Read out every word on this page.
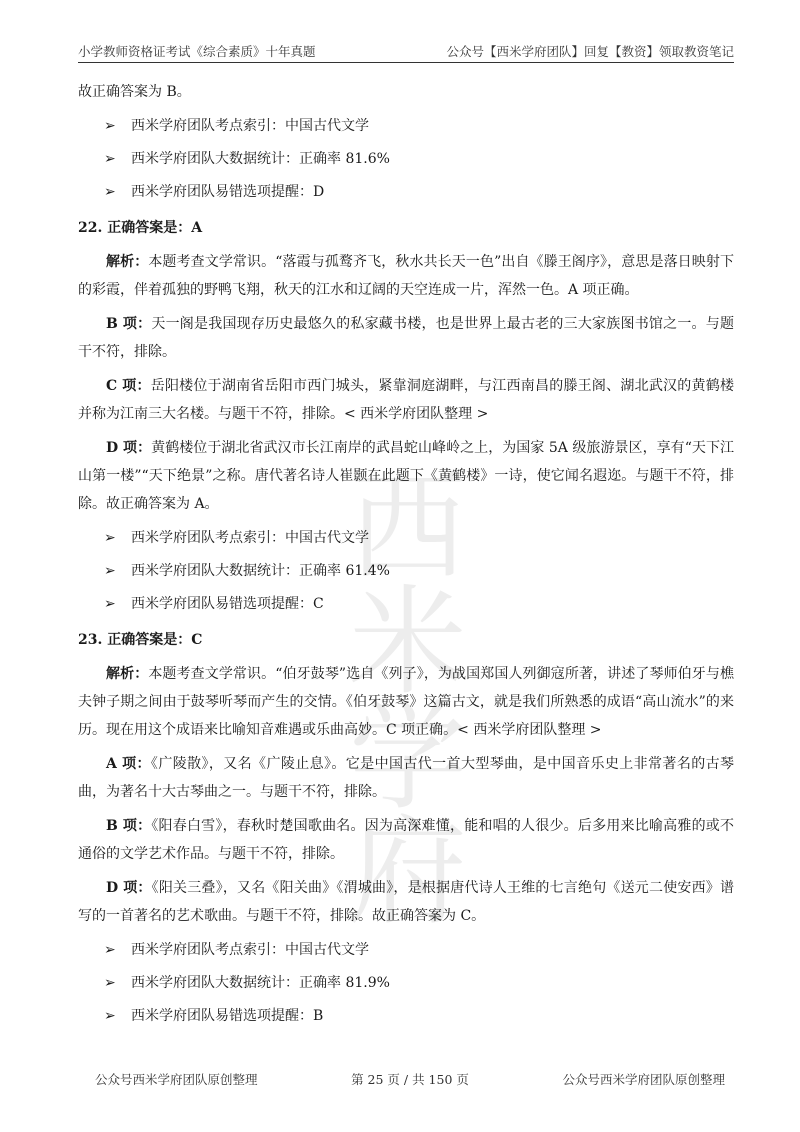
小学教师资格证考试《综合素质》十年真题	公众号【西米学府团队】回复【教资】领取教资笔记
西米
学府

故正确答案为 B。

➢ 西米学府团队考点索引：中国古代文学
➢ 西米学府团队大数据统计：正确率 81.6%
➢ 西米学府团队易错选项提醒：D
22. 正确答案是：A

解析：本题考查文学常识。“落霞与孤鹜齐飞，秋水共长天一色”出自《滕王阁序》，意思是落日映射下的彩霞，伴着孤独的野鸭飞翔，秋天的江水和辽阔的天空连成一片，浑然一色。A 项正确。

B 项：天一阁是我国现存历史最悠久的私家藏书楼，也是世界上最古老的三大家族图书馆之一。与题干不符，排除。

C 项：岳阳楼位于湖南省岳阳市西门城头，紧靠洞庭湖畔，与江西南昌的滕王阁、湖北武汉的黄鹤楼并称为江南三大名楼。与题干不符，排除。< 西米学府团队整理 >

D 项：黄鹤楼位于湖北省武汉市长江南岸的武昌蛇山峰岭之上，为国家 5A 级旅游景区，享有“天下江山第一楼”“天下绝景”之称。唐代著名诗人崔颢在此题下《黄鹤楼》一诗，使它闻名遐迩。与题干不符，排除。故正确答案为 A。

➢ 西米学府团队考点索引：中国古代文学
➢ 西米学府团队大数据统计：正确率 61.4%
➢ 西米学府团队易错选项提醒：C
23. 正确答案是：C

解析：本题考查文学常识。“伯牙鼓琴”选自《列子》，为战国郑国人列御寇所著，讲述了琴师伯牙与樵夫钟子期之间由于鼓琴听琴而产生的交情。《伯牙鼓琴》这篇古文，就是我们所熟悉的成语“高山流水”的来历。现在用这个成语来比喻知音难遇或乐曲高妙。C 项正确。< 西米学府团队整理 >

A 项：《广陵散》，又名《广陵止息》。它是中国古代一首大型琴曲，是中国音乐史上非常著名的古琴曲，为著名十大古琴曲之一。与题干不符，排除。

B 项：《阳春白雪》，春秋时楚国歌曲名。因为高深难懂，能和唱的人很少。后多用来比喻高雅的或不通俗的文学艺术作品。与题干不符，排除。

D 项：《阳关三叠》，又名《阳关曲》《渭城曲》，是根据唐代诗人王维的七言绝句《送元二使安西》谱写的一首著名的艺术歌曲。与题干不符，排除。故正确答案为 C。

➢ 西米学府团队考点索引：中国古代文学
➢ 西米学府团队大数据统计：正确率 81.9%
➢ 西米学府团队易错选项提醒：B
公众号西米学府团队原创整理	第 25 页 / 共 150 页	公众号西米学府团队原创整理
